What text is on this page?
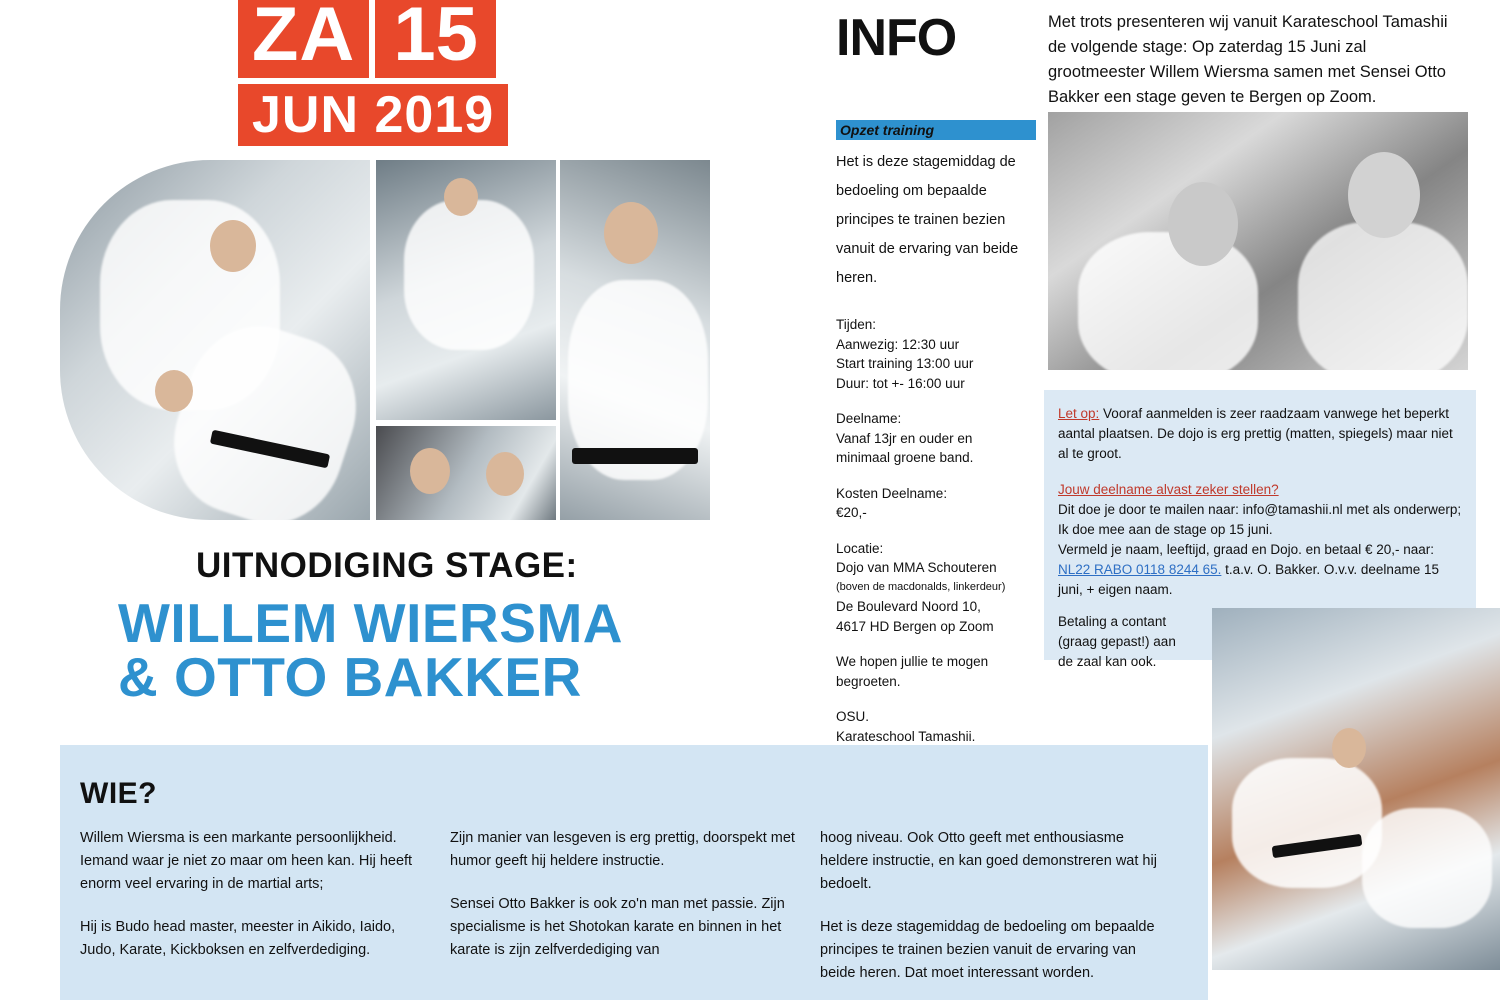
ZA 15
JUN 2019
UITNODIGING STAGE:
WILLEM WIERSMA
& OTTO BAKKER
INFO
Opzet training
Het is deze stagemiddag de bedoeling om bepaalde principes te trainen bezien vanuit de ervaring van beide heren.
Tijden:
Aanwezig: 12:30 uur
Start training 13:00 uur
Duur: tot +- 16:00 uur
Deelname:
Vanaf 13jr en ouder en
minimaal groene band.
Kosten Deelname:
€20,-
Locatie:
Dojo van MMA Schouteren
(boven de macdonalds, linkerdeur)
De Boulevard Noord 10,
4617 HD Bergen op Zoom
We hopen jullie te mogen
begroeten.
OSU.
Karateschool Tamashii.
Met trots presenteren wij vanuit Karateschool Tamashii de volgende stage: Op zaterdag 15 Juni zal grootmeester Willem Wiersma samen met Sensei Otto Bakker een stage geven te Bergen op Zoom.
Let op: Vooraf aanmelden is zeer raadzaam vanwege het beperkt aantal plaatsen. De dojo is erg prettig (matten, spiegels) maar niet al te groot.
Jouw deelname alvast zeker stellen?
Dit doe je door te mailen naar: info@tamashii.nl met als onderwerp; Ik doe mee aan de stage op 15 juni.
Vermeld je naam, leeftijd, graad en Dojo. en betaal € 20,- naar:
NL22 RABO 0118 8244 65. t.a.v. O. Bakker. O.v.v. deelname 15 juni, + eigen naam.
Betaling a contant
(graag gepast!) aan
de zaal kan ook.
WIE?

Willem Wiersma is een markante persoonlijkheid. Iemand waar je niet zo maar om heen kan. Hij heeft enorm veel ervaring in de martial arts;

Hij is Budo head master, meester in Aikido, Iaido, Judo, Karate, Kickboksen en zelfverdediging.

Zijn manier van lesgeven is erg prettig, doorspekt met humor geeft hij heldere instructie.

Sensei Otto Bakker is ook zo'n man met passie. Zijn specialisme is het Shotokan karate en binnen in het karate is zijn zelfverdediging van

hoog niveau. Ook Otto geeft met enthousiasme heldere instructie, en kan goed demonstreren wat hij bedoelt.

Het is deze stagemiddag de bedoeling om bepaalde principes te trainen bezien vanuit de ervaring van beide heren. Dat moet interessant worden.
